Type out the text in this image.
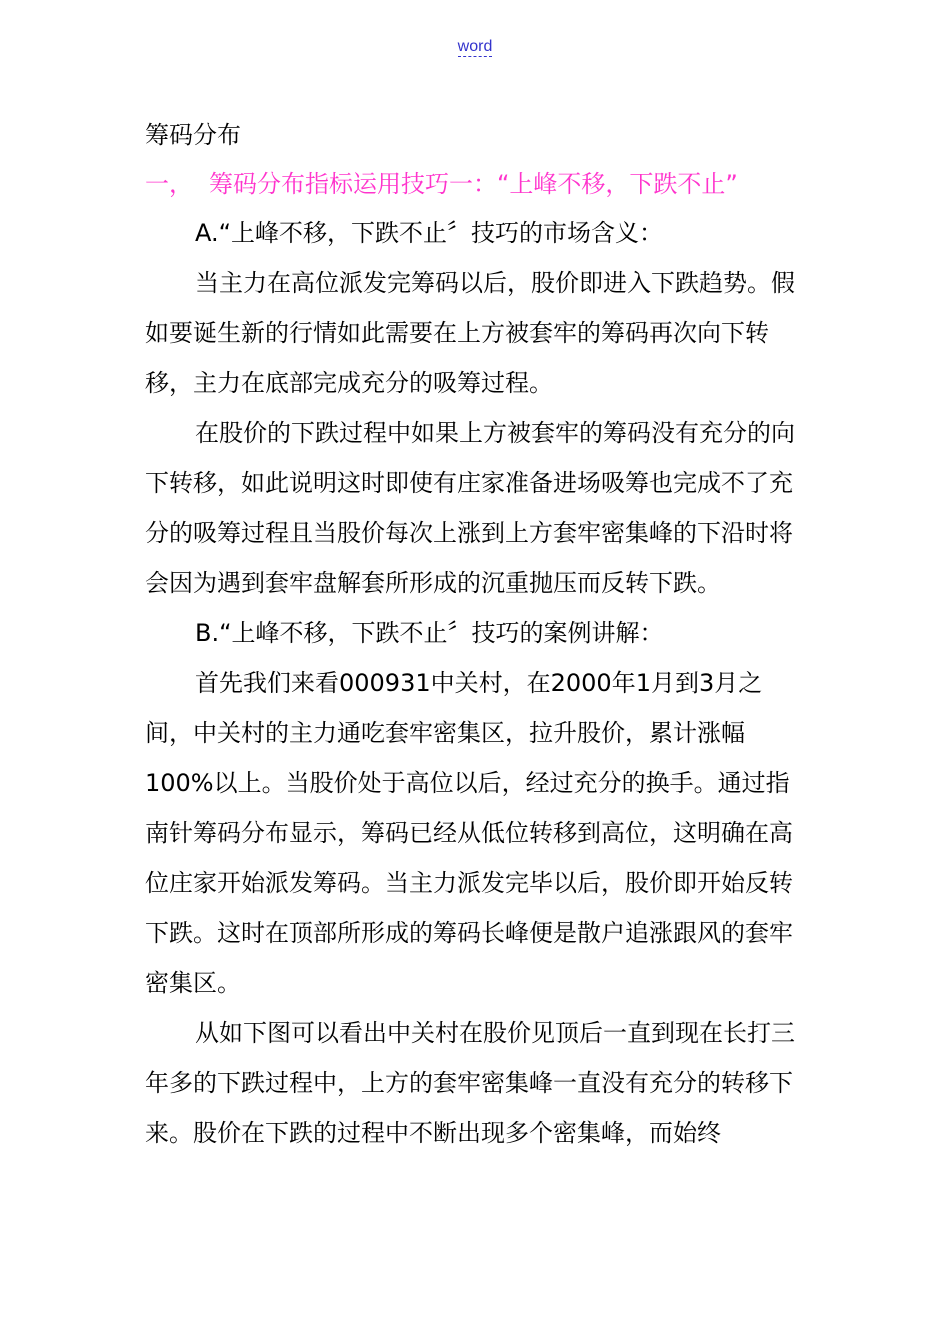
word

筹码分布

一， 筹码分布指标运用技巧一：“上峰不移，下跌不止”

A.“上峰不移，下跌不止〞技巧的市场含义：

当主力在高位派发完筹码以后，股价即进入下跌趋势。假如要诞生新的行情如此需要在上方被套牢的筹码再次向下转移，主力在底部完成充分的吸筹过程。

在股价的下跌过程中如果上方被套牢的筹码没有充分的向下转移，如此说明这时即使有庄家准备进场吸筹也完成不了充分的吸筹过程且当股价每次上涨到上方套牢密集峰的下沿时将会因为遇到套牢盘解套所形成的沉重抛压而反转下跌。

B.“上峰不移，下跌不止〞技巧的案例讲解：

首先我们来看000931中关村，在2000年1月到3月之间，中关村的主力通吃套牢密集区，拉升股价，累计涨幅100%以上。当股价处于高位以后，经过充分的换手。通过指南针筹码分布显示，筹码已经从低位转移到高位，这明确在高位庄家开始派发筹码。当主力派发完毕以后，股价即开始反转下跌。这时在顶部所形成的筹码长峰便是散户追涨跟风的套牢密集区。

从如下图可以看出中关村在股价见顶后一直到现在长打三年多的下跌过程中，上方的套牢密集峰一直没有充分的转移下来。股价在下跌的过程中不断出现多个密集峰，而始终
